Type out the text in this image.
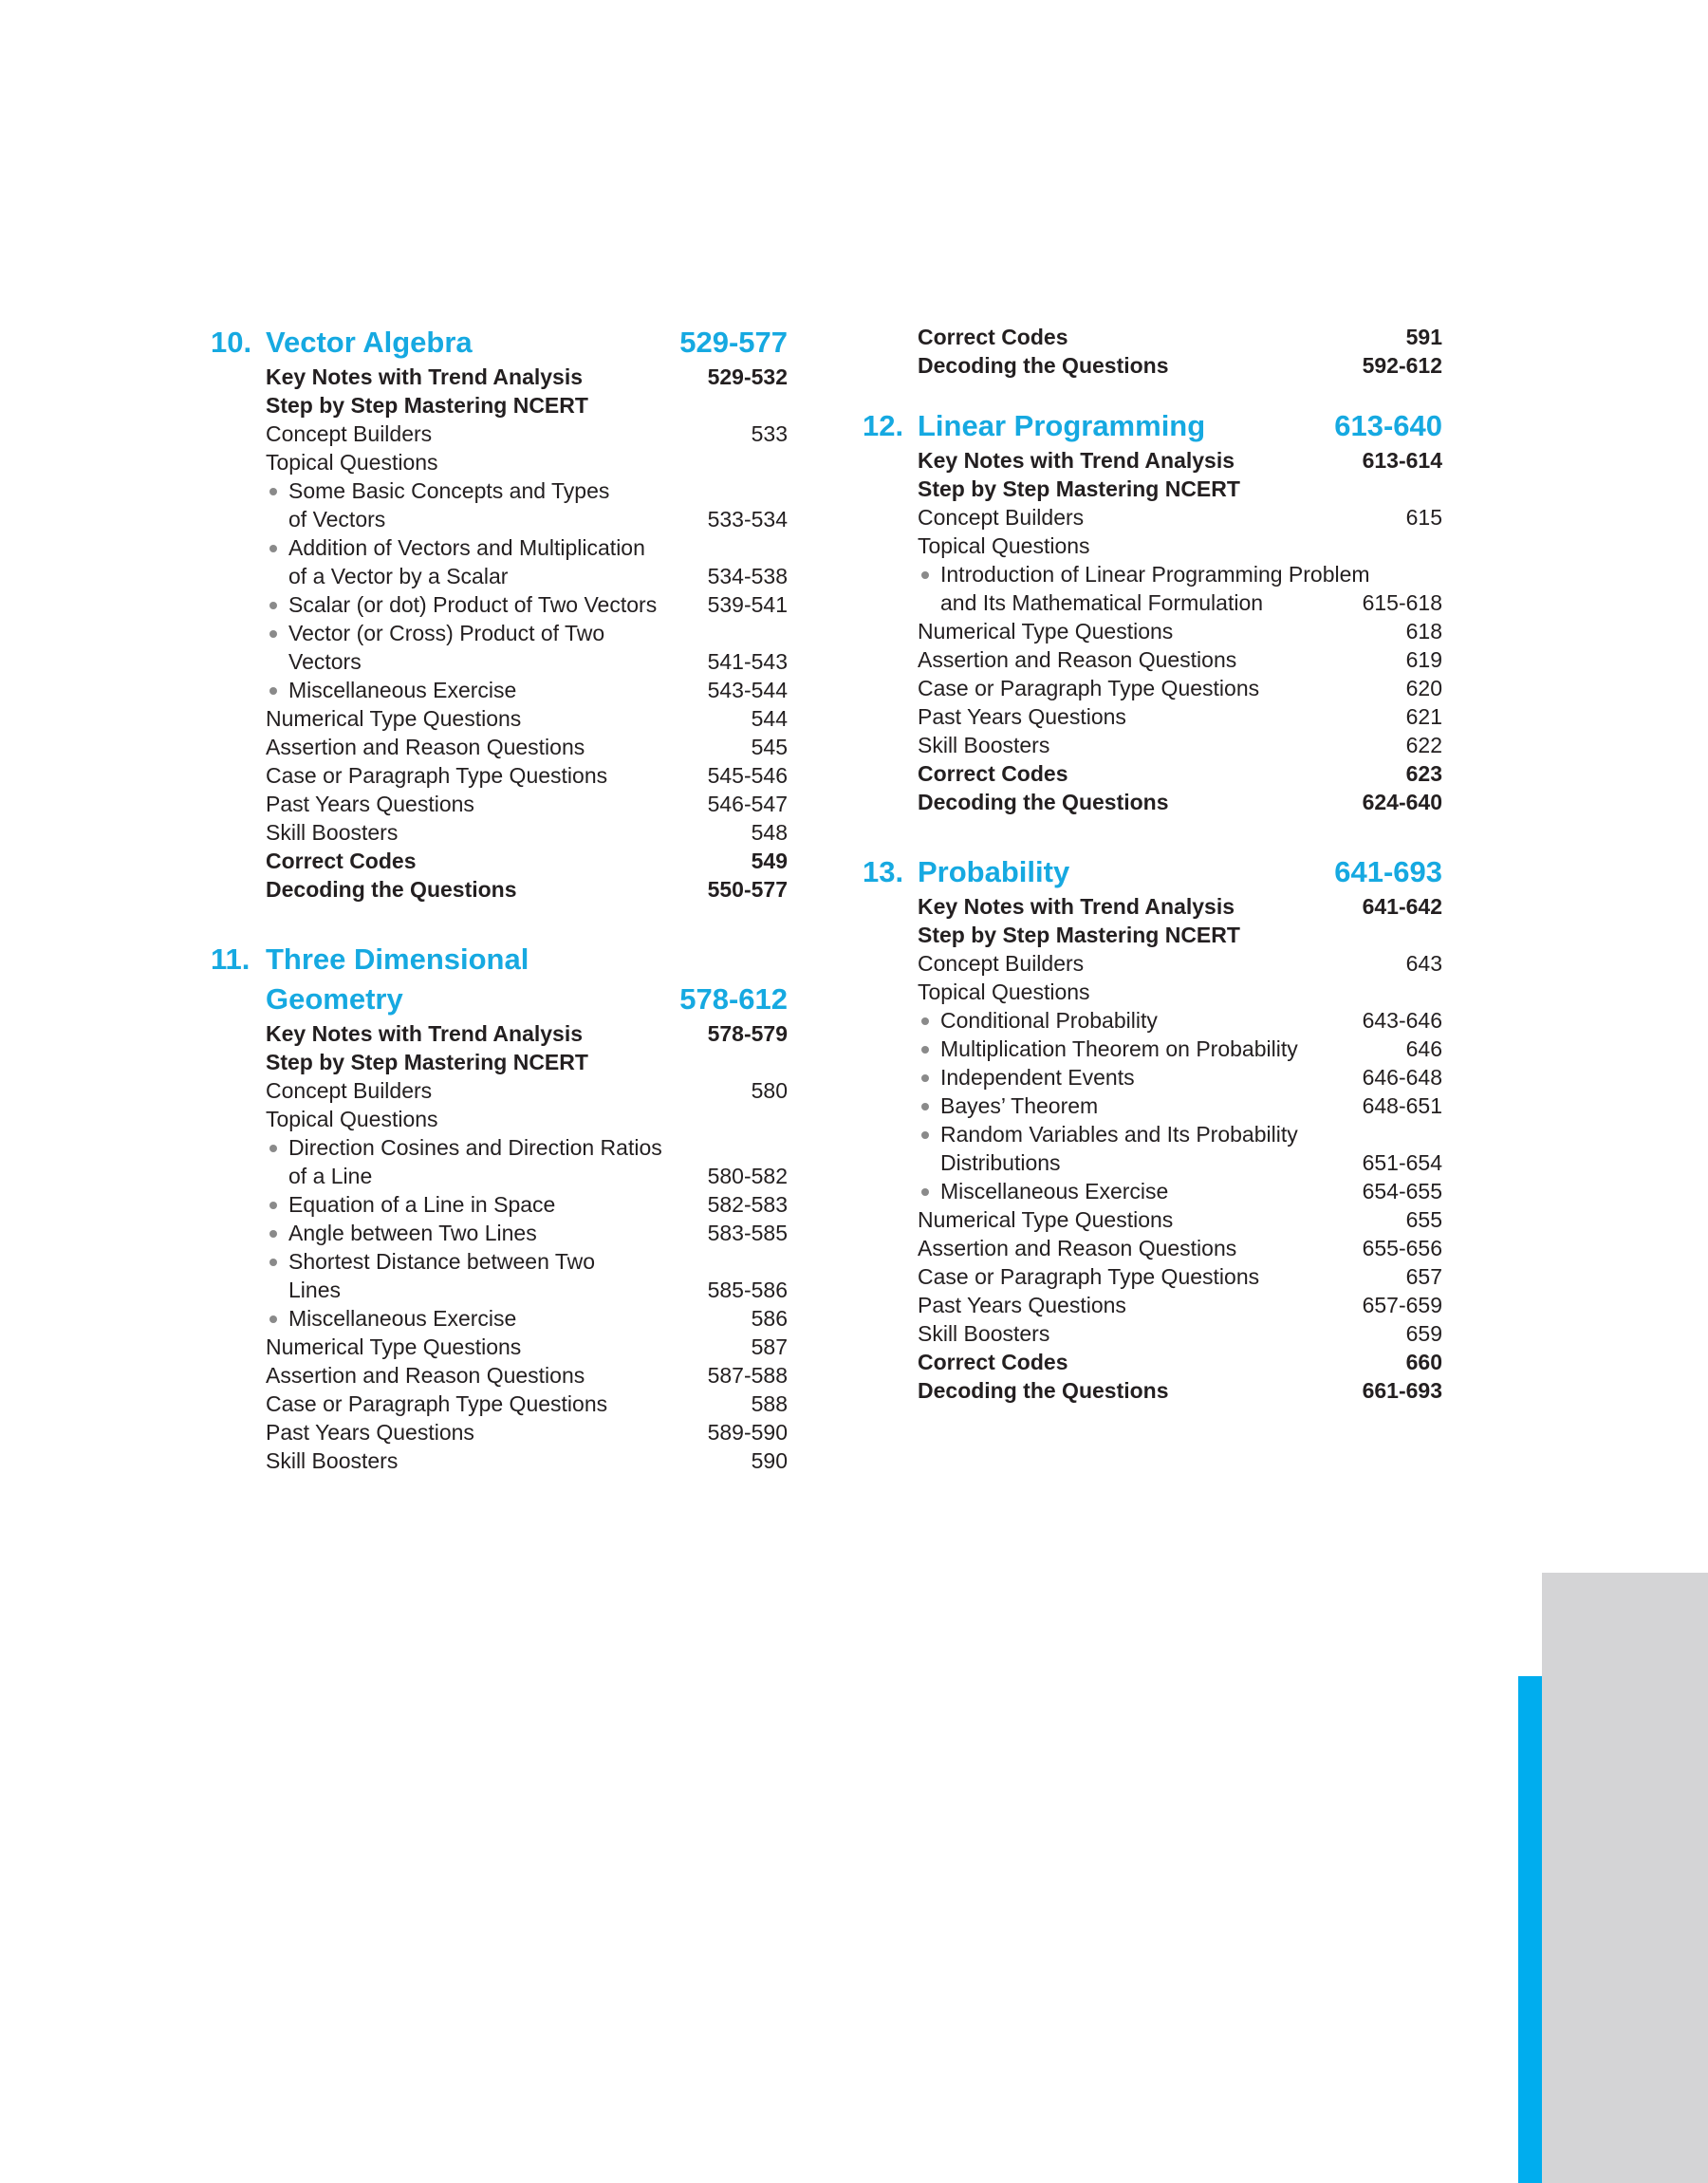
10. Vector Algebra	529-577
Key Notes with Trend Analysis	529-532
Step by Step Mastering NCERT
Concept Builders	533
Topical Questions
Some Basic Concepts and Types
of Vectors	533-534
Addition of Vectors and Multiplication
of a Vector by a Scalar	534-538
Scalar (or dot) Product of Two Vectors 539-541
Vector (or Cross) Product of Two
Vectors	541-543
Miscellaneous Exercise	543-544
Numerical Type Questions	544
Assertion and Reason Questions	545
Case or Paragraph Type Questions	545-546
Past Years Questions	546-547
Skill Boosters	548
Correct Codes	549
Decoding the Questions	550-577
11. Three Dimensional
Geometry	578-612
Key Notes with Trend Analysis	578-579
Step by Step Mastering NCERT
Concept Builders	580
Topical Questions
Direction Cosines and Direction Ratios
of a Line	580-582
Equation of a Line in Space	582-583
Angle between Two Lines	583-585
Shortest Distance between Two
Lines	585-586
Miscellaneous Exercise	586
Numerical Type Questions	587
Assertion and Reason Questions	587-588
Case or Paragraph Type Questions	588
Past Years Questions	589-590
Skill Boosters	590
Correct Codes	591
Decoding the Questions	592-612
12. Linear Programming	613-640
Key Notes with Trend Analysis	613-614
Step by Step Mastering NCERT
Concept Builders	615
Topical Questions
Introduction of Linear Programming Problem
and Its Mathematical Formulation	615-618
Numerical Type Questions	618
Assertion and Reason Questions	619
Case or Paragraph Type Questions	620
Past Years Questions	621
Skill Boosters	622
Correct Codes	623
Decoding the Questions	624-640
13. Probability	641-693
Key Notes with Trend Analysis	641-642
Step by Step Mastering NCERT
Concept Builders	643
Topical Questions
Conditional Probability	643-646
Multiplication Theorem on Probability	646
Independent Events	646-648
Bayes’ Theorem	648-651
Random Variables and Its Probability
Distributions	651-654
Miscellaneous Exercise	654-655
Numerical Type Questions	655
Assertion and Reason Questions	655-656
Case or Paragraph Type Questions	657
Past Years Questions	657-659
Skill Boosters	659
Correct Codes	660
Decoding the Questions	661-693
